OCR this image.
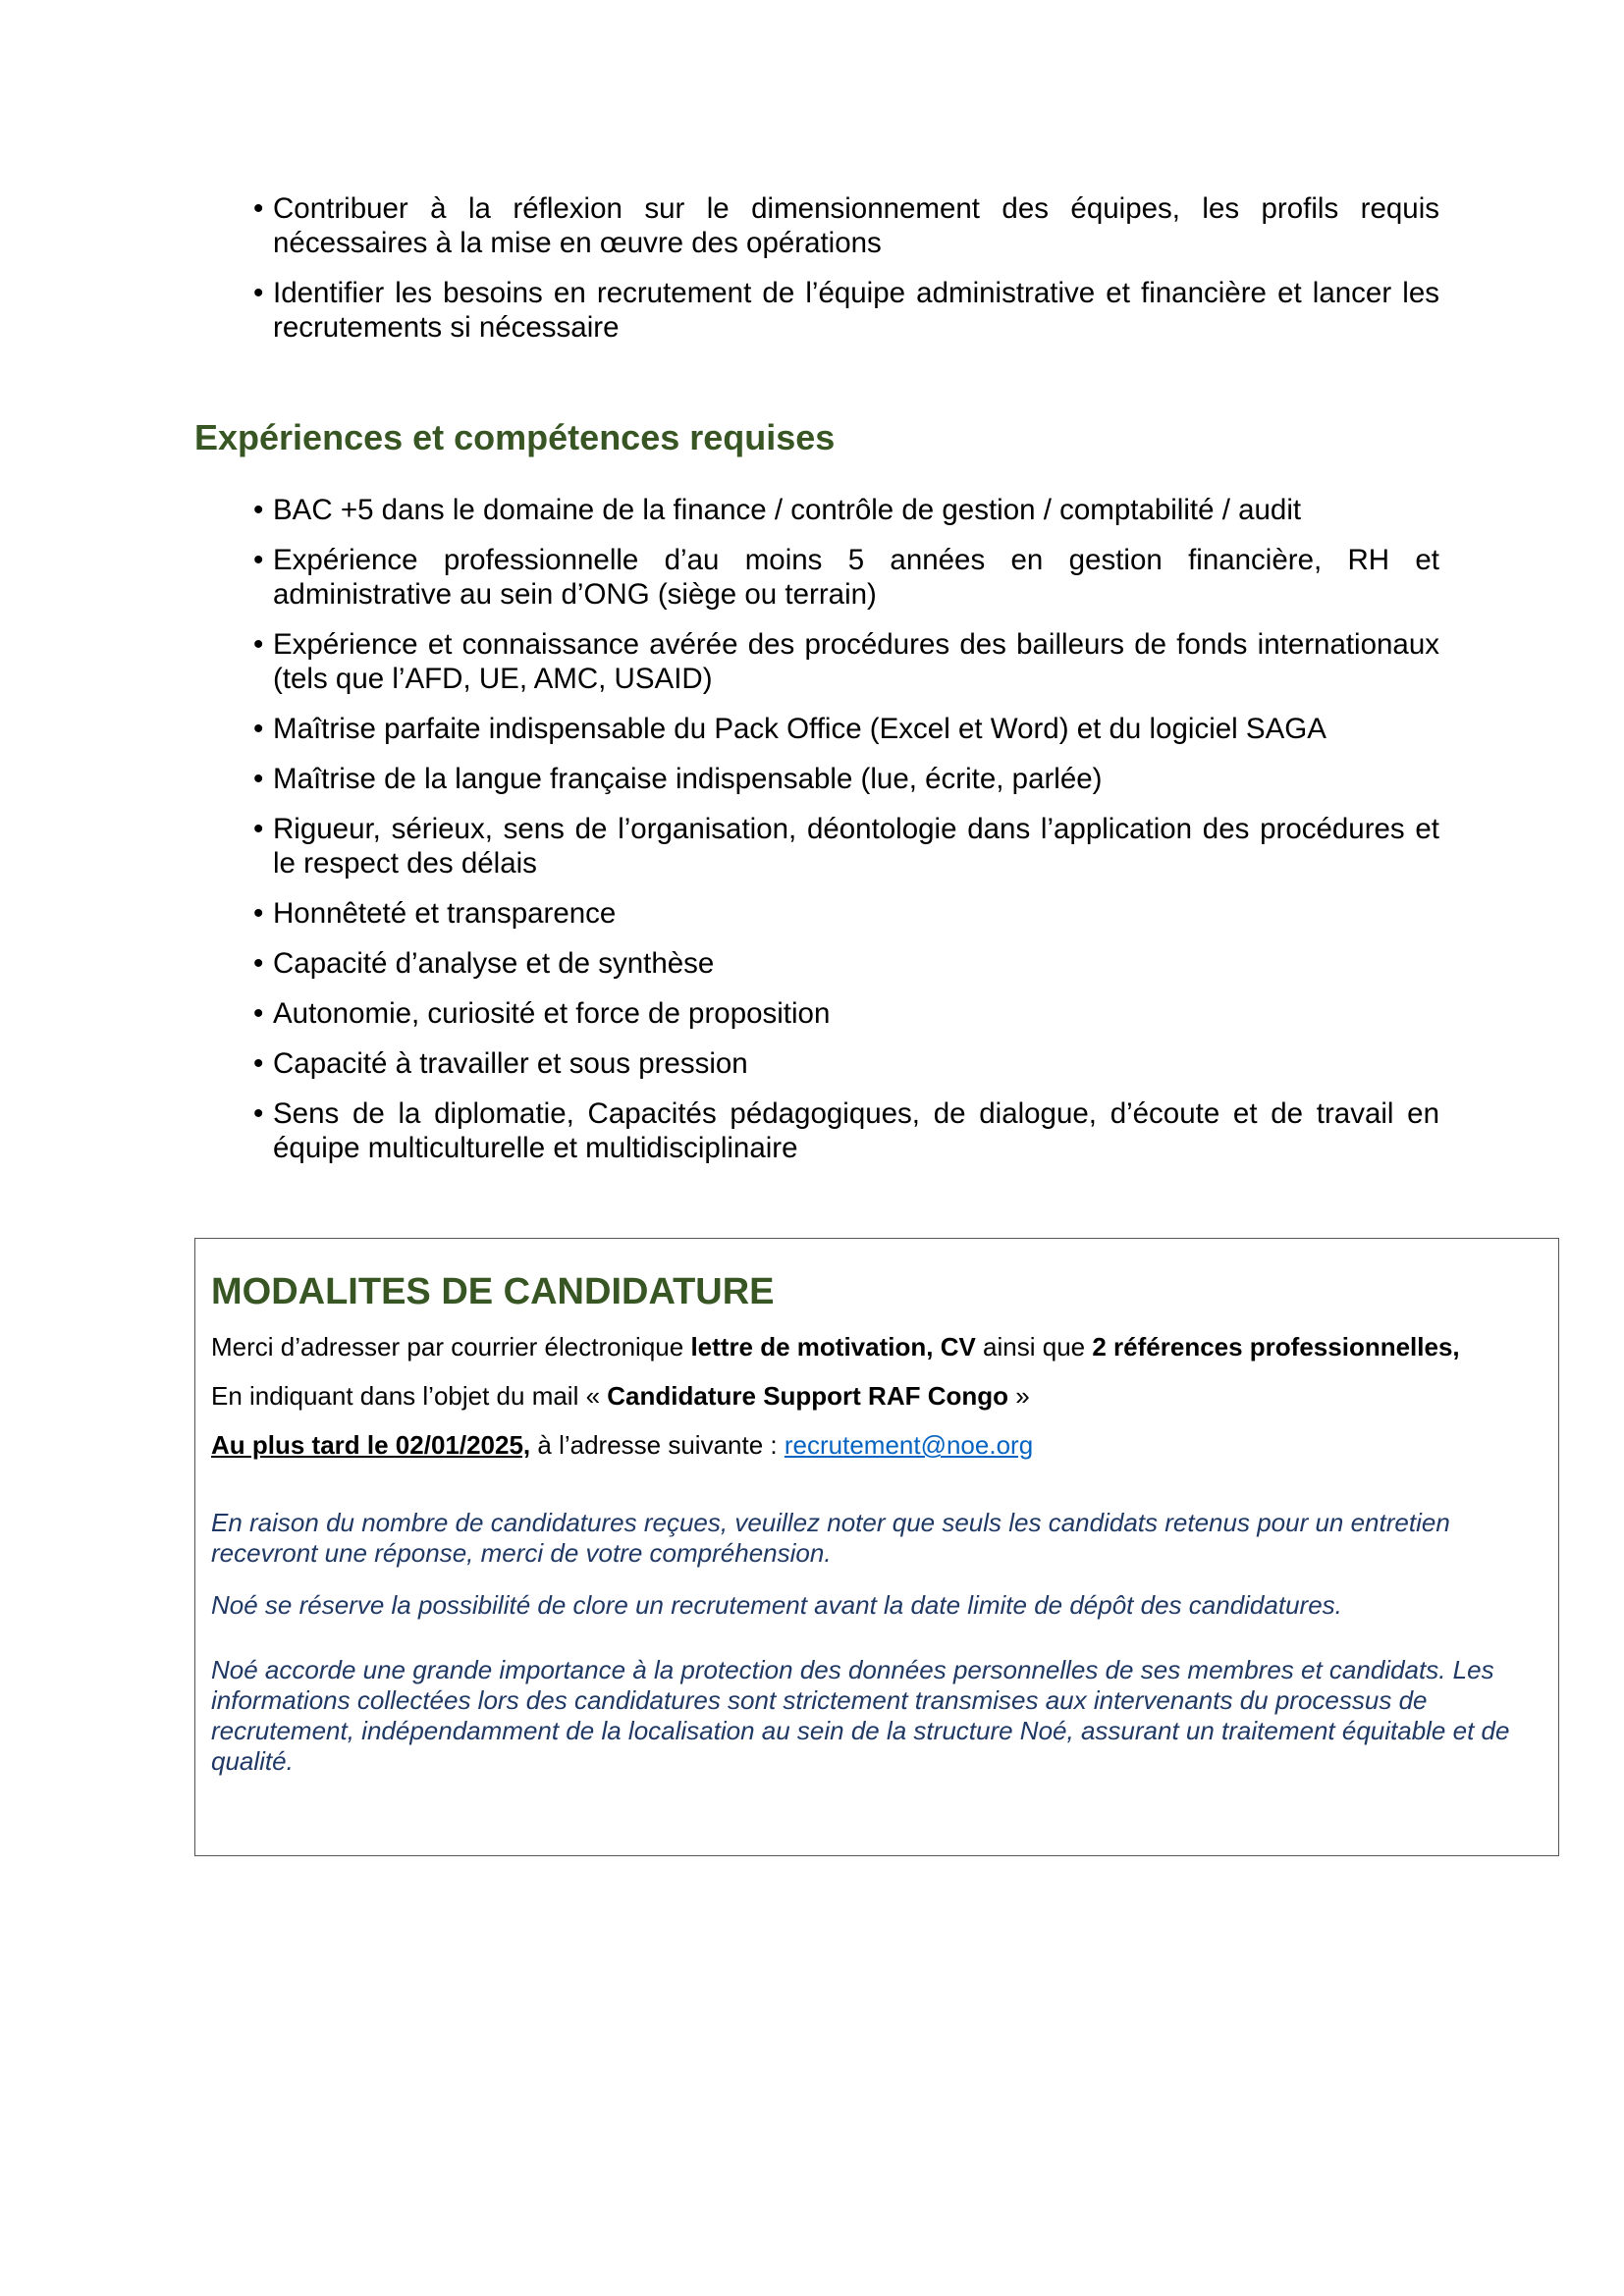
• Contribuer à la réflexion sur le dimensionnement des équipes, les profils requis nécessaires à la mise en œuvre des opérations
• Identifier les besoins en recrutement de l’équipe administrative et financière et lancer les recrutements si nécessaire
Expériences et compétences requises
• BAC +5 dans le domaine de la finance / contrôle de gestion / comptabilité / audit
• Expérience professionnelle d’au moins 5 années en gestion financière, RH et administrative au sein d’ONG (siège ou terrain)
• Expérience et connaissance avérée des procédures des bailleurs de fonds internationaux (tels que l’AFD, UE, AMC, USAID)
• Maîtrise parfaite indispensable du Pack Office (Excel et Word) et du logiciel SAGA
• Maîtrise de la langue française indispensable (lue, écrite, parlée)
• Rigueur, sérieux, sens de l’organisation, déontologie dans l’application des procédures et le respect des délais
• Honnêteté et transparence
• Capacité d’analyse et de synthèse
• Autonomie, curiosité et force de proposition
• Capacité à travailler et sous pression
• Sens de la diplomatie, Capacités pédagogiques, de dialogue, d’écoute et de travail en équipe multiculturelle et multidisciplinaire
MODALITES DE CANDIDATURE
Merci d’adresser par courrier électronique lettre de motivation, CV ainsi que 2 références professionnelles,
En indiquant dans l’objet du mail « Candidature Support RAF Congo »
Au plus tard le 02/01/2025, à l’adresse suivante : recrutement@noe.org

En raison du nombre de candidatures reçues, veuillez noter que seuls les candidats retenus pour un entretien recevront une réponse, merci de votre compréhension.

Noé se réserve la possibilité de clore un recrutement avant la date limite de dépôt des candidatures.

Noé accorde une grande importance à la protection des données personnelles de ses membres et candidats. Les informations collectées lors des candidatures sont strictement transmises aux intervenants du processus de recrutement, indépendamment de la localisation au sein de la structure Noé, assurant un traitement équitable et de qualité.
